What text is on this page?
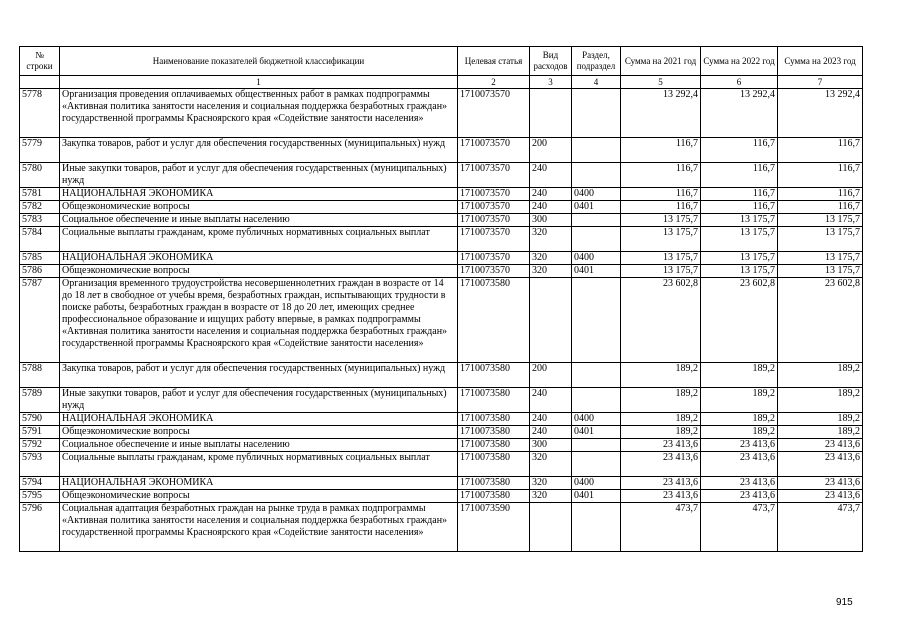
№ строки	Наименование показателей бюджетной классификации	Целевая статья	Вид расходов	Раздел, подраздел	Сумма на 2021 год	Сумма на 2022 год	Сумма на 2023 год
	1	2	3	4	5	6	7
5778	Организация проведения оплачиваемых общественных работ в рамках подпрограммы «Активная политика занятости населения и социальная поддержка безработных граждан» государственной программы Красноярского края «Содействие занятости населения»	1710073570			13 292,4	13 292,4	13 292,4
5779	Закупка товаров, работ и услуг для обеспечения государственных (муниципальных) нужд	1710073570	200		116,7	116,7	116,7
5780	Иные закупки товаров, работ и услуг для обеспечения государственных (муниципальных) нужд	1710073570	240		116,7	116,7	116,7
5781	НАЦИОНАЛЬНАЯ ЭКОНОМИКА	1710073570	240	0400	116,7	116,7	116,7
5782	Общеэкономические вопросы	1710073570	240	0401	116,7	116,7	116,7
5783	Социальное обеспечение и иные выплаты населению	1710073570	300		13 175,7	13 175,7	13 175,7
5784	Социальные выплаты гражданам, кроме публичных нормативных социальных выплат	1710073570	320		13 175,7	13 175,7	13 175,7
5785	НАЦИОНАЛЬНАЯ ЭКОНОМИКА	1710073570	320	0400	13 175,7	13 175,7	13 175,7
5786	Общеэкономические вопросы	1710073570	320	0401	13 175,7	13 175,7	13 175,7
5787	Организация временного трудоустройства несовершеннолетних граждан в возрасте от 14 до 18 лет в свободное от учебы время, безработных граждан, испытывающих трудности в поиске работы, безработных граждан в возрасте от 18 до 20 лет, имеющих среднее профессиональное образование и ищущих работу впервые, в рамках подпрограммы «Активная политика занятости населения и социальная поддержка безработных граждан» государственной программы Красноярского края «Содействие занятости населения»	1710073580			23 602,8	23 602,8	23 602,8
5788	Закупка товаров, работ и услуг для обеспечения государственных (муниципальных) нужд	1710073580	200		189,2	189,2	189,2
5789	Иные закупки товаров, работ и услуг для обеспечения государственных (муниципальных) нужд	1710073580	240		189,2	189,2	189,2
5790	НАЦИОНАЛЬНАЯ ЭКОНОМИКА	1710073580	240	0400	189,2	189,2	189,2
5791	Общеэкономические вопросы	1710073580	240	0401	189,2	189,2	189,2
5792	Социальное обеспечение и иные выплаты населению	1710073580	300		23 413,6	23 413,6	23 413,6
5793	Социальные выплаты гражданам, кроме публичных нормативных социальных выплат	1710073580	320		23 413,6	23 413,6	23 413,6
5794	НАЦИОНАЛЬНАЯ ЭКОНОМИКА	1710073580	320	0400	23 413,6	23 413,6	23 413,6
5795	Общеэкономические вопросы	1710073580	320	0401	23 413,6	23 413,6	23 413,6
5796	Социальная адаптация безработных граждан на рынке труда в рамках подпрограммы «Активная политика занятости населения и социальная поддержка безработных граждан» государственной программы Красноярского края «Содействие занятости населения»	1710073590			473,7	473,7	473,7
915
